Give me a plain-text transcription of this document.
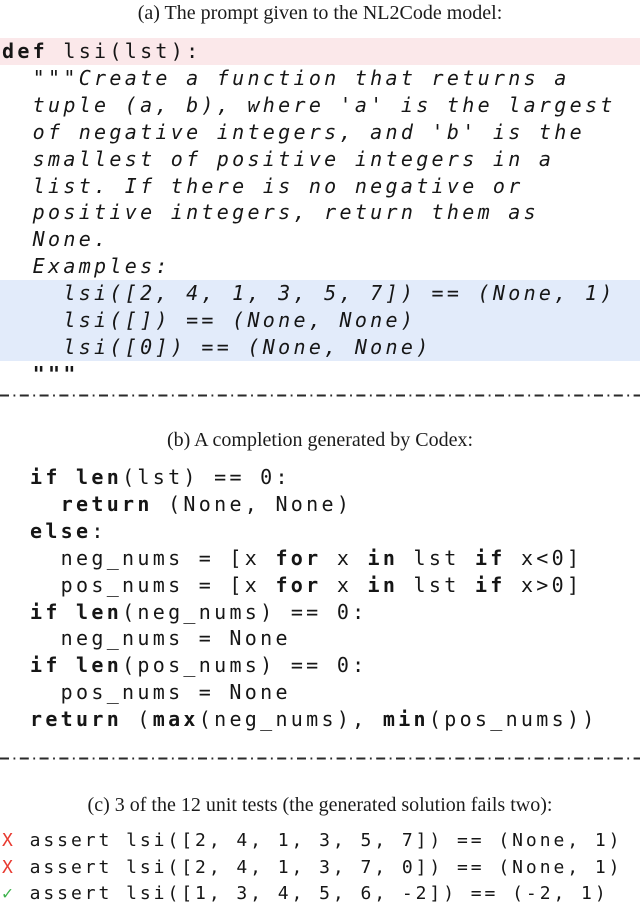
(a) The prompt given to the NL2Code model:
def lsi(lst):
"""Create a function that returns a
tuple (a, b), where 'a' is the largest
of negative integers, and 'b' is the
smallest of positive integers in a
list. If there is no negative or
positive integers, return them as
None.
Examples:
lsi([2, 4, 1, 3, 5, 7]) == (None, 1)
lsi([]) == (None, None)
lsi([0]) == (None, None)
"""
(b) A completion generated by Codex:
if len(lst) == 0:
return (None, None)
else:
neg_nums = [x for x in lst if x<0]
pos_nums = [x for x in lst if x>0]
if len(neg_nums) == 0:
neg_nums = None
if len(pos_nums) == 0:
pos_nums = None
return (max(neg_nums), min(pos_nums))
(c) 3 of the 12 unit tests (the generated solution fails two):
X assert lsi([2, 4, 1, 3, 5, 7]) == (None, 1)
X assert lsi([2, 4, 1, 3, 7, 0]) == (None, 1)
✓ assert lsi([1, 3, 4, 5, 6, -2]) == (-2, 1)
